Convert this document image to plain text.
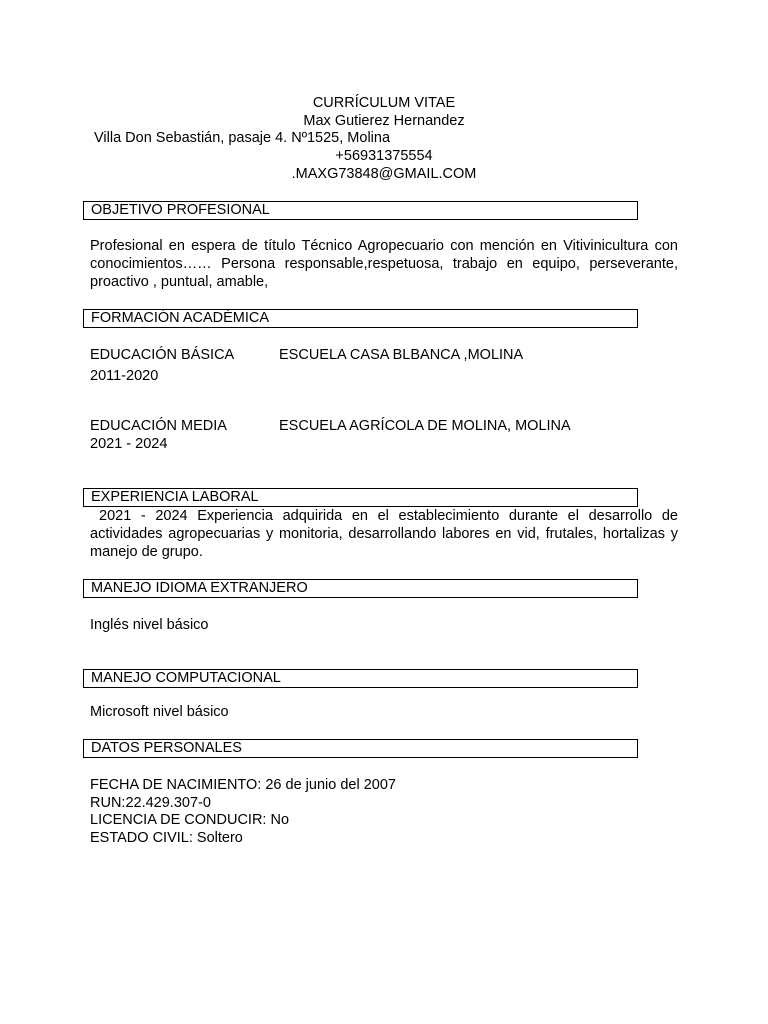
CURRÍCULUM VITAE
Max Gutierez Hernandez
Villa Don Sebastián, pasaje 4. Nº1525, Molina
+56931375554
.MAXG73848@GMAIL.COM
OBJETIVO PROFESIONAL
Profesional en espera de título Técnico Agropecuario con mención en Vitivinicultura con conocimientos…… Persona responsable,respetuosa, trabajo en equipo, perseverante, proactivo , puntual, amable,
FORMACIÓN ACADÉMICA
EDUCACIÓN BÁSICA	ESCUELA CASA BLBANCA ,MOLINA
2011-2020
EDUCACIÓN MEDIA	ESCUELA AGRÍCOLA DE MOLINA, MOLINA
2021 - 2024
EXPERIENCIA LABORAL
2021 - 2024 Experiencia adquirida en el establecimiento durante el desarrollo de actividades agropecuarias y monitoria, desarrollando labores en vid, frutales, hortalizas y manejo de grupo.
MANEJO IDIOMA EXTRANJERO
Inglés nivel básico
MANEJO COMPUTACIONAL
Microsoft nivel básico
DATOS PERSONALES
FECHA DE NACIMIENTO: 26 de junio del 2007
RUN:22.429.307-0
LICENCIA DE CONDUCIR: No
ESTADO CIVIL: Soltero
